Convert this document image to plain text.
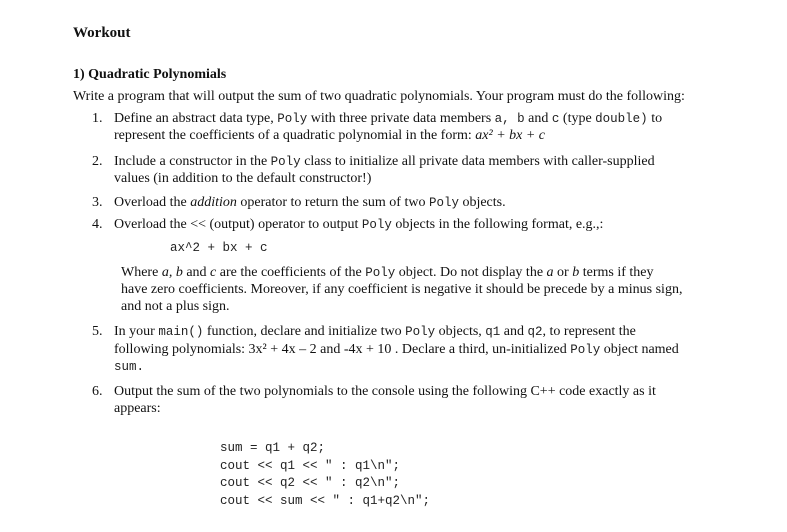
Workout
1) Quadratic Polynomials
Write a program that will output the sum of two quadratic polynomials. Your program must do the following:
1. Define an abstract data type, Poly with three private data members a, b and c (type double) to
represent the coefficients of a quadratic polynomial in the form: ax² + bx + c
2. Include a constructor in the Poly class to initialize all private data members with caller-supplied
values (in addition to the default constructor!)
3. Overload the addition operator to return the sum of two Poly objects.
4. Overload the << (output) operator to output Poly objects in the following format, e.g.,:
ax^2 + bx + c
Where a, b and c are the coefficients of the Poly object. Do not display the a or b terms if they
have zero coefficients. Moreover, if any coefficient is negative it should be precede by a minus sign,
and not a plus sign.
5. In your main() function, declare and initialize two Poly objects, q1 and q2, to represent the
following polynomials: 3x² + 4x – 2 and -4x + 10 . Declare a third, un-initialized Poly object named
sum.
6. Output the sum of the two polynomials to the console using the following C++ code exactly as it
appears:
sum = q1 + q2;
cout << q1 << " : q1\n";
cout << q2 << " : q2\n";
cout << sum << " : q1+q2\n";
